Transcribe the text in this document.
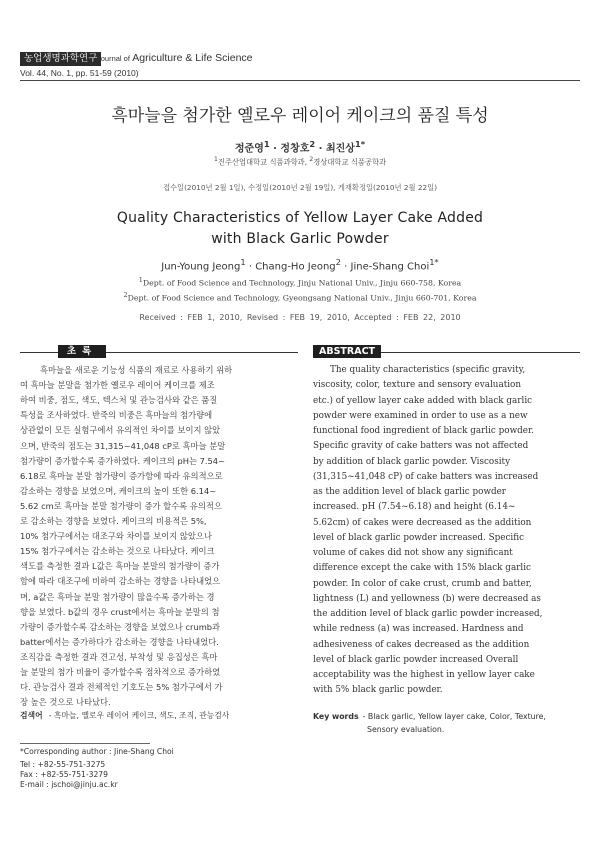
농업생명과학연구 Journal of Agriculture & Life Science
Vol. 44, No. 1, pp. 51-59 (2010)
흑마늘을 첨가한 옐로우 레이어 케이크의 품질 특성
정준영$^1$ · 정창호$^2$ · 최진상$^{1*}$
$^1$진주산업대학교 식품과학과, $^2$경상대학교 식품공학과
접수일(2010년 2월 1일), 수정일(2010년 2월 19일), 게재확정일(2010년 2월 22일)
Quality Characteristics of Yellow Layer Cake Added
with Black Garlic Powder
Jun-Young Jeong$^1$ · Chang-Ho Jeong$^2$ · Jine-Shang Choi$^{1*}$
$^1$Dept. of Food Science and Technology, Jinju National Univ., Jinju 660-758, Korea
$^2$Dept. of Food Science and Technology, Gyeongsang National Univ., Jinju 660-701, Korea
Received : FEB 1, 2010, Revised : FEB 19, 2010, Accepted : FEB 22, 2010
초록	ABSTRACT
흑마늘을 새로운 기능성 식품의 재료로 사용하기 위하
여 흑마늘 분말을 첨가한 옐로우 레이어 케이크를 제조
하여 비중, 점도, 색도, 텍스처 및 관능검사와 같은 품질
특성을 조사하였다. 반죽의 비중은 흑마늘의 첨가량에
상관없이 모든 실험구에서 유의적인 차이를 보이지 않았
으며, 반죽의 점도는 31,315~41,048 cP로 흑마늘 분말
첨가량이 증가할수록 증가하였다. 케이크의 pH는 7.54~
6.18로 흑마늘 분말 첨가량이 증가함에 따라 유의적으로
감소하는 경향을 보였으며, 케이크의 높이 또한 6.14~
5.62 cm로 흑마늘 분말 첨가량이 증가 할수록 유의적으
로 감소하는 경향을 보였다. 케이크의 비용적은 5%,
10% 첨가구에서는 대조구와 차이를 보이지 않았으나
15% 첨가구에서는 감소하는 것으로 나타났다. 케이크
색도를 측정한 결과 L값은 흑마늘 분말의 첨가량이 증가
함에 따라 대조구에 비하여 감소하는 경향을 나타내었으
며, a값은 흑마늘 분말 첨가량이 많을수록 증가하는 경
향을 보였다. b값의 경우 crust에서는 흑마늘 분말의 첨
가량이 증가할수록 감소하는 경향을 보였으나 crumb과
batter에서는 증가하다가 감소하는 경향을 나타내었다.
조직감을 측정한 결과 견고성, 부착성 및 응집성은 흑마
늘 분말의 첨가 비율이 증가할수록 점차적으로 증가하였
다. 관능검사 결과 전체적인 기호도는 5% 첨가구에서 가
장 높은 것으로 나타났다.
The quality characteristics (specific gravity,
viscosity, color, texture and sensory evaluation
etc.) of yellow layer cake added with black garlic
powder were examined in order to use as a new
functional food ingredient of black garlic powder.
Specific gravity of cake batters was not affected
by addition of black garlic powder. Viscosity
(31,315~41,048 cP) of cake batters was increased
as the addition level of black garlic powder
increased. pH (7.54~6.18) and height (6.14~
5.62cm) of cakes were decreased as the addition
level of black garlic powder increased. Specific
volume of cakes did not show any significant
difference except the cake with 15% black garlic
powder. In color of cake crust, crumb and batter,
lightness (L) and yellowness (b) were decreased as
the addition level of black garlic powder increased,
while redness (a) was increased. Hardness and
adhesiveness of cakes decreased as the addition
level of black garlic powder increased Overall
acceptability was the highest in yellow layer cake
with 5% black garlic powder.
검색어 - 흑마늘, 옐로우 레이어 케이크, 색도, 조직, 관능검사	Key words - Black garlic, Yellow layer cake, Color, Texture,
Sensory evaluation.
*Corresponding author : Jine-Shang Choi
Tel : +82-55-751-3275
Fax : +82-55-751-3279
E-mail : jschoi@jinju.ac.kr
